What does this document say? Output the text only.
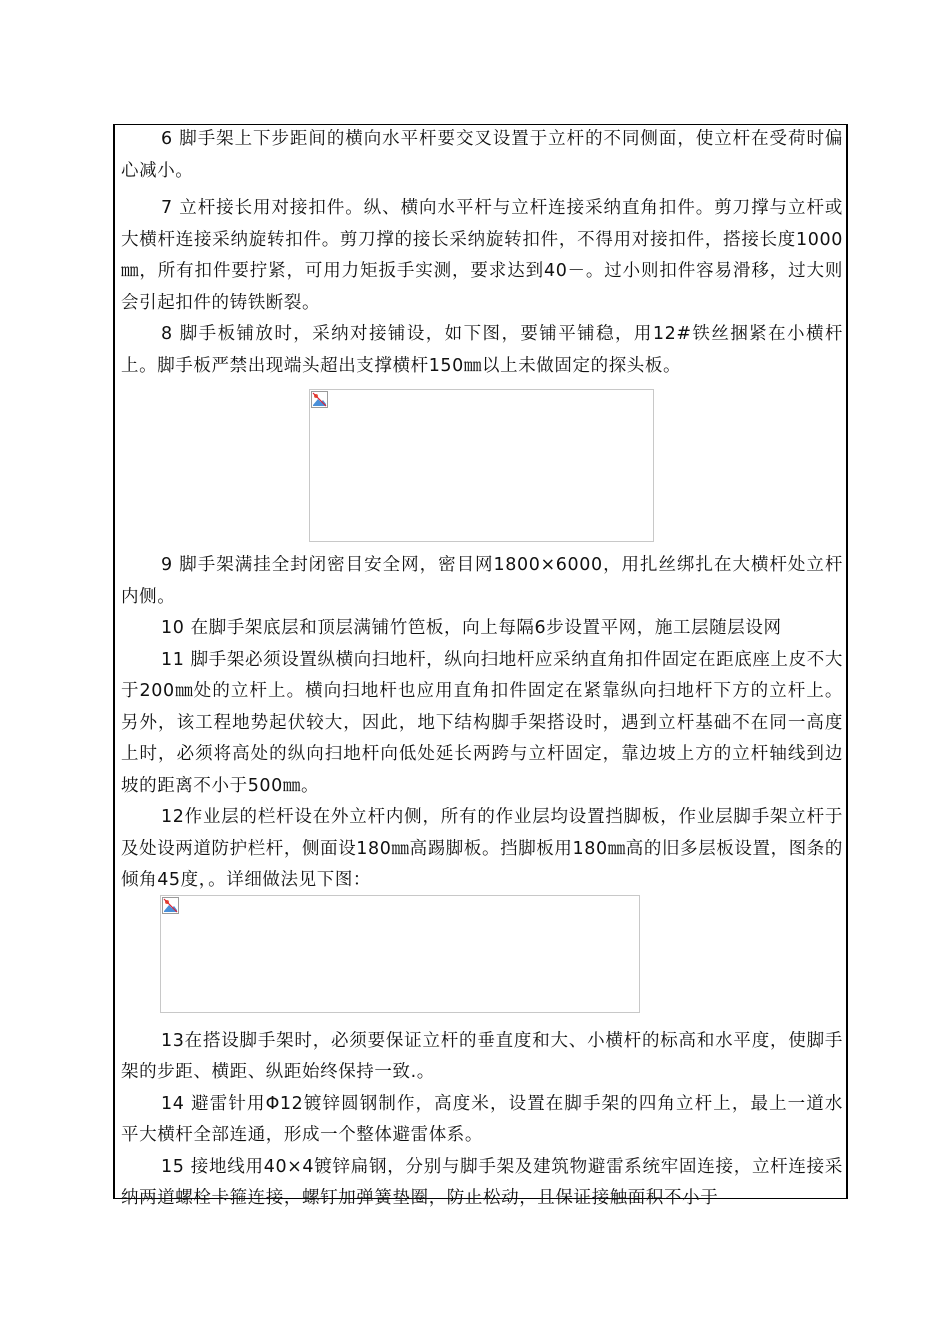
6 脚手架上下步距间的横向水平杆要交叉设置于立杆的不同侧面，使立杆在受荷时偏心减小。

7 立杆接长用对接扣件。纵、横向水平杆与立杆连接采纳直角扣件。剪刀撑与立杆或大横杆连接采纳旋转扣件。剪刀撑的接长采纳旋转扣件，不得用对接扣件，搭接长度1000㎜，所有扣件要拧紧，可用力矩扳手实测，要求达到40－。过小则扣件容易滑移，过大则会引起扣件的铸铁断裂。

8 脚手板铺放时，采纳对接铺设，如下图，要铺平铺稳，用12#铁丝捆紧在小横杆上。脚手板严禁出现端头超出支撑横杆150㎜以上未做固定的探头板。

9 脚手架满挂全封闭密目安全网，密目网1800×6000，用扎丝绑扎在大横杆处立杆内侧。

10 在脚手架底层和顶层满铺竹笆板，向上每隔6步设置平网，施工层随层设网

11 脚手架必须设置纵横向扫地杆，纵向扫地杆应采纳直角扣件固定在距底座上皮不大于200㎜处的立杆上。横向扫地杆也应用直角扣件固定在紧靠纵向扫地杆下方的立杆上。另外，该工程地势起伏较大，因此，地下结构脚手架搭设时，遇到立杆基础不在同一高度上时，必须将高处的纵向扫地杆向低处延长两跨与立杆固定，靠边坡上方的立杆轴线到边坡的距离不小于500㎜。

12作业层的栏杆设在外立杆内侧，所有的作业层均设置挡脚板，作业层脚手架立杆于及处设两道防护栏杆，侧面设180㎜高踢脚板。挡脚板用180㎜高的旧多层板设置，图条的倾角45度，。详细做法见下图：

13在搭设脚手架时，必须要保证立杆的垂直度和大、小横杆的标高和水平度，使脚手架的步距、横距、纵距始终保持一致.。

14 避雷针用Φ12镀锌圆钢制作，高度米，设置在脚手架的四角立杆上，最上一道水平大横杆全部连通，形成一个整体避雷体系。

15 接地线用40×4镀锌扁钢，分别与脚手架及建筑物避雷系统牢固连接，立杆连接采纳两道螺栓卡箍连接，螺钉加弹簧垫圈，防止松动，且保证接触面积不小于
